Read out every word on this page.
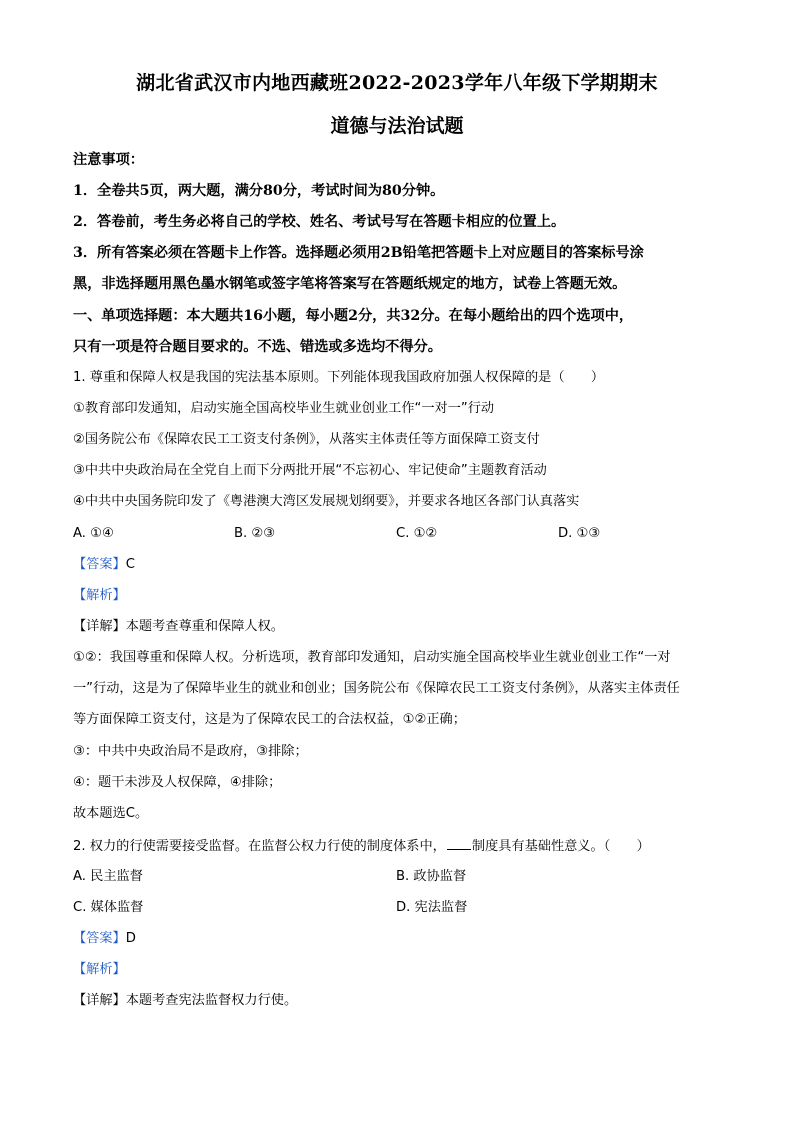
湖北省武汉市内地西藏班2022-2023学年八年级下学期期末
道德与法治试题
注意事项：
1．全卷共5页，两大题，满分80分，考试时间为80分钟。
2．答卷前，考生务必将自己的学校、姓名、考试号写在答题卡相应的位置上。
3．所有答案必须在答题卡上作答。选择题必须用2B铅笔把答题卡上对应题目的答案标号涂
黑，非选择题用黑色墨水钢笔或签字笔将答案写在答题纸规定的地方，试卷上答题无效。
一、单项选择题：本大题共16小题，每小题2分，共32分。在每小题给出的四个选项中，
只有一项是符合题目要求的。不选、错选或多选均不得分。
1. 尊重和保障人权是我国的宪法基本原则。下列能体现我国政府加强人权保障的是（　　）
①教育部印发通知，启动实施全国高校毕业生就业创业工作“一对一”行动
②国务院公布《保障农民工工资支付条例》，从落实主体责任等方面保障工资支付
③中共中央政治局在全党自上而下分两批开展“不忘初心、牢记使命”主题教育活动
④中共中央国务院印发了《粤港澳大湾区发展规划纲要》，并要求各地区各部门认真落实
A. ①④	B. ②③	C. ①②	D. ①③
【答案】C
【解析】
【详解】本题考查尊重和保障人权。
①②：我国尊重和保障人权。分析选项，教育部印发通知，启动实施全国高校毕业生就业创业工作“一对
一”行动，这是为了保障毕业生的就业和创业；国务院公布《保障农民工工资支付条例》，从落实主体责任
等方面保障工资支付，这是为了保障农民工的合法权益，①②正确；
③：中共中央政治局不是政府，③排除；
④：题干未涉及人权保障，④排除；
故本题选C。
2. 权力的行使需要接受监督。在监督公权力行使的制度体系中， 制度具有基础性意义。（　　）
A. 民主监督	B. 政协监督
C. 媒体监督	D. 宪法监督
【答案】D
【解析】
【详解】本题考查宪法监督权力行使。
